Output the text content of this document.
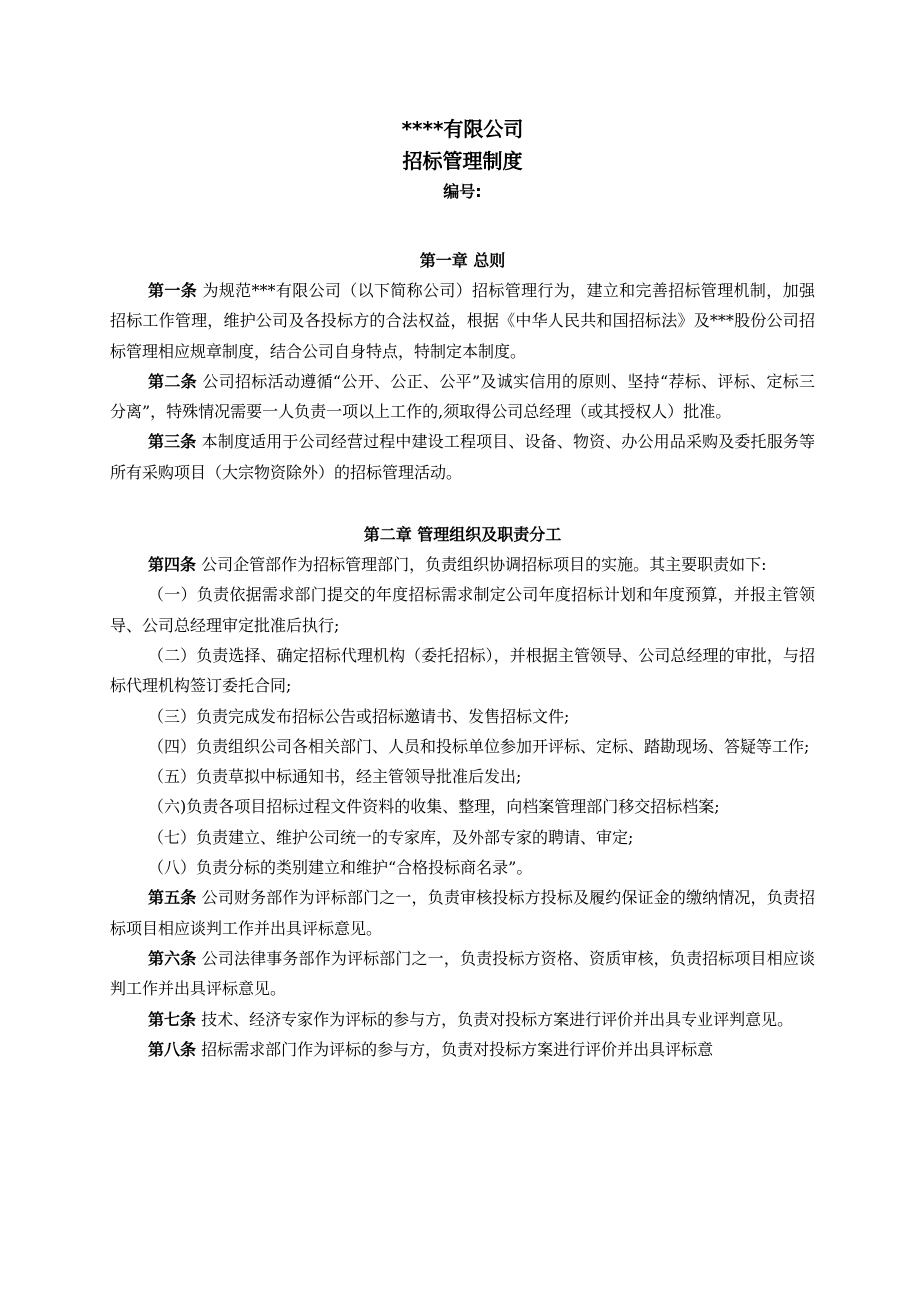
****有限公司
招标管理制度
编号:
第一章 总则

第一条 为规范***有限公司（以下简称公司）招标管理行为，建立和完善招标管理机制，加强招标工作管理，维护公司及各投标方的合法权益，根据《中华人民共和国招标法》及***股份公司招标管理相应规章制度，结合公司自身特点，特制定本制度。

第二条 公司招标活动遵循“公开、公正、公平”及诚实信用的原则、坚持“荐标、评标、定标三分离”，特殊情况需要一人负责一项以上工作的,须取得公司总经理（或其授权人）批准。

第三条 本制度适用于公司经营过程中建设工程项目、设备、物资、办公用品采购及委托服务等所有采购项目（大宗物资除外）的招标管理活动。

第二章 管理组织及职责分工

第四条 公司企管部作为招标管理部门，负责组织协调招标项目的实施。其主要职责如下:

（一）负责依据需求部门提交的年度招标需求制定公司年度招标计划和年度预算，并报主管领导、公司总经理审定批准后执行;

（二）负责选择、确定招标代理机构（委托招标），并根据主管领导、公司总经理的审批，与招标代理机构签订委托合同;

（三）负责完成发布招标公告或招标邀请书、发售招标文件;

（四）负责组织公司各相关部门、人员和投标单位参加开评标、定标、踏勘现场、答疑等工作;

（五）负责草拟中标通知书，经主管领导批准后发出;

（六)负责各项目招标过程文件资料的收集、整理，向档案管理部门移交招标档案;

（七）负责建立、维护公司统一的专家库，及外部专家的聘请、审定;

（八）负责分标的类别建立和维护“合格投标商名录”。

第五条 公司财务部作为评标部门之一，负责审核投标方投标及履约保证金的缴纳情况，负责招标项目相应谈判工作并出具评标意见。

第六条 公司法律事务部作为评标部门之一，负责投标方资格、资质审核，负责招标项目相应谈判工作并出具评标意见。

第七条 技术、经济专家作为评标的参与方，负责对投标方案进行评价并出具专业评判意见。

第八条 招标需求部门作为评标的参与方，负责对投标方案进行评价并出具评标意
